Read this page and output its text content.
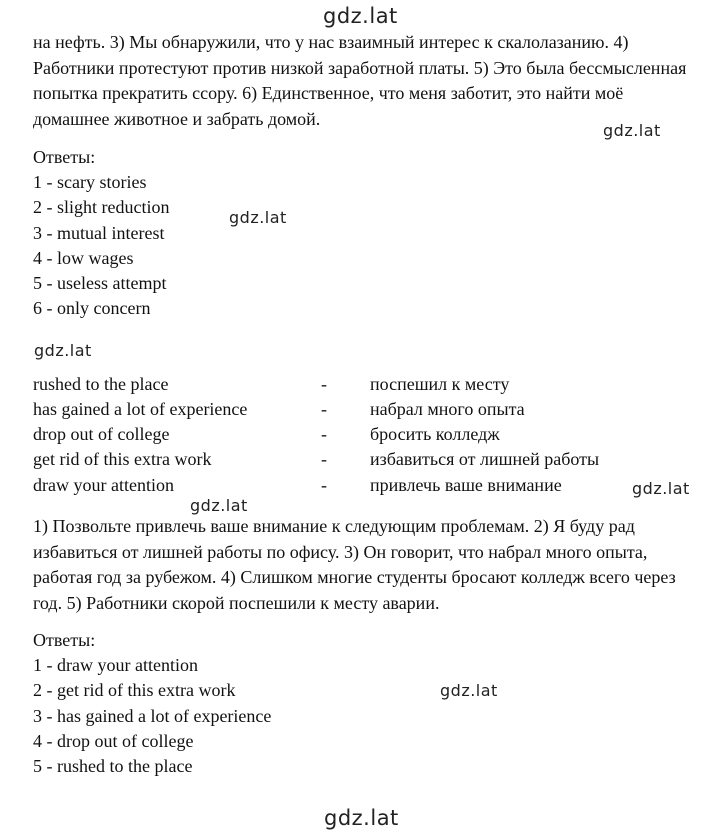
gdz.lat
gdz.lat
gdz.lat
gdz.lat
gdz.lat
gdz.lat
gdz.lat
gdz.lat

на нефть. 3) Мы обнаружили, что у нас взаимный интерес к скалолазанию. 4) Работники протестуют против низкой заработной платы. 5) Это была бессмысленная попытка прекратить ссору. 6) Единственное, что меня заботит, это найти моё домашнее животное и забрать домой.

Ответы:
1 - scary stories
2 - slight reduction
3 - mutual interest
4 - low wages
5 - useless attempt
6 - only concern
rushed to the place	- поспешил к месту
has gained a lot of experience	- набрал много опыта
drop out of college	- бросить колледж
get rid of this extra work	- избавиться от лишней работы
draw your attention	- привлечь ваше внимание

1) Позвольте привлечь ваше внимание к следующим проблемам. 2) Я буду рад избавиться от лишней работы по офису. 3) Он говорит, что набрал много опыта, работая год за рубежом. 4) Слишком многие студенты бросают колледж всего через год. 5) Работники скорой поспешили к месту аварии.

Ответы:
1 - draw your attention
2 - get rid of this extra work
3 - has gained a lot of experience
4 - drop out of college
5 - rushed to the place
